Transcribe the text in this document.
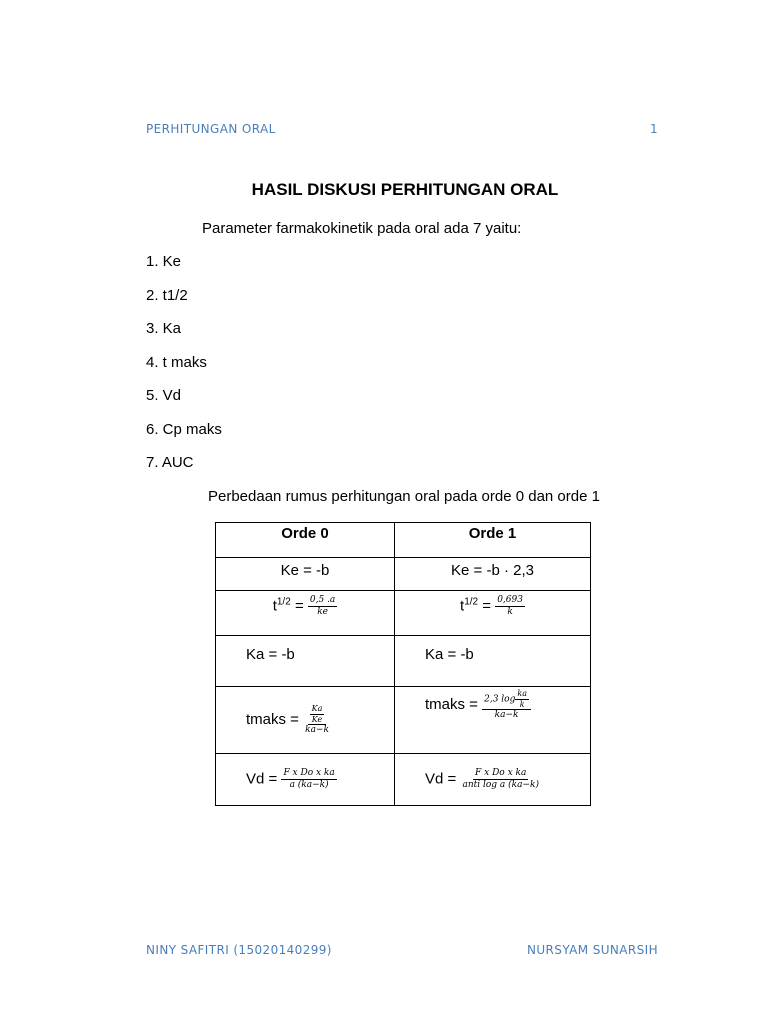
PERHITUNGAN ORAL	1
HASIL DISKUSI PERHITUNGAN ORAL
Parameter farmakokinetik pada oral ada 7 yaitu:
1. Ke
2. t1/2
3. Ka
4. t maks
5. Vd
6. Cp maks
7. AUC
Perbedaan rumus perhitungan oral pada orde 0 dan orde 1
Orde 0	Orde 1
Ke = -b	Ke = -b · 2,3
$t^{1/2} = \frac{0,5 .a}{ke}$	$t^{1/2} = \frac{0,693}{k}$

Ka = -b	Ka = -b
tmaks = $\frac{\frac{Ka}{Ke}}{ka-k}$	tmaks = $\frac{2,3 \log \frac{ka}{k}}{ka-k}$

$Vd = \frac{\text{F x Do x ka}}{a (ka-k)}$	$Vd = \frac{\text{F x Do x ka}}{\text{anti log a (ka−k)}}$
NINY SAFITRI (15020140299)	NURSYAM SUNARSIH
